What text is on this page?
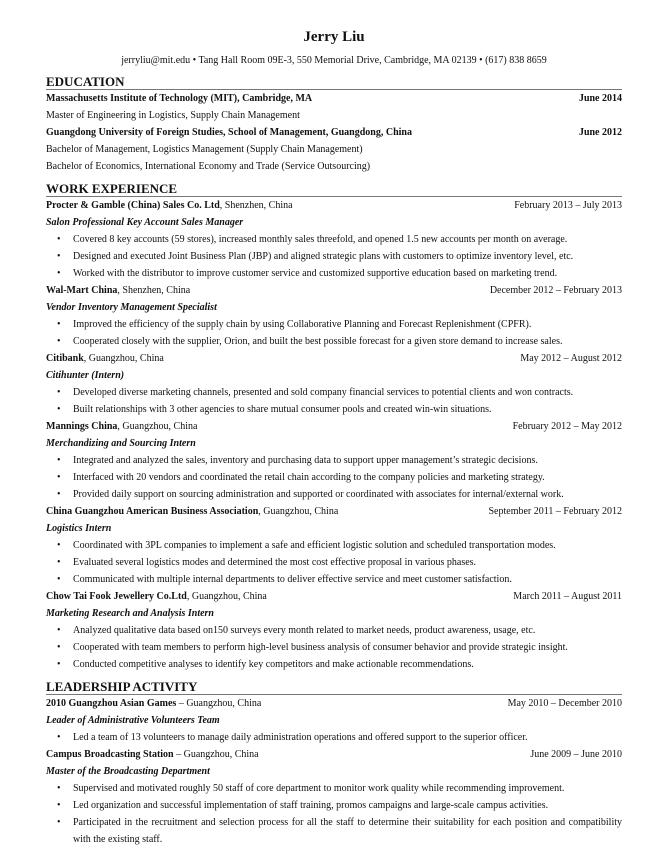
Jerry Liu
jerryliu@mit.edu • Tang Hall Room 09E-3, 550 Memorial Drive, Cambridge, MA 02139 • (617) 838 8659
EDUCATION
Massachusetts Institute of Technology (MIT), Cambridge, MA	June 2014
Master of Engineering in Logistics, Supply Chain Management
Guangdong University of Foreign Studies, School of Management, Guangdong, China	June 2012
Bachelor of Management, Logistics Management (Supply Chain Management)
Bachelor of Economics, International Economy and Trade (Service Outsourcing)
WORK EXPERIENCE
Procter & Gamble (China) Sales Co. Ltd, Shenzhen, China	February 2013 – July 2013
Salon Professional Key Account Sales Manager
• Covered 8 key accounts (59 stores), increased monthly sales threefold, and opened 1.5 new accounts per month on average.
• Designed and executed Joint Business Plan (JBP) and aligned strategic plans with customers to optimize inventory level, etc.
• Worked with the distributor to improve customer service and customized supportive education based on marketing trend.
Wal-Mart China, Shenzhen, China	December 2012 – February 2013
Vendor Inventory Management Specialist
• Improved the efficiency of the supply chain by using Collaborative Planning and Forecast Replenishment (CPFR).
• Cooperated closely with the supplier, Orion, and built the best possible forecast for a given store demand to increase sales.
Citibank, Guangzhou, China	May 2012 – August 2012
Citihunter (Intern)
• Developed diverse marketing channels, presented and sold company financial services to potential clients and won contracts.
• Built relationships with 3 other agencies to share mutual consumer pools and created win-win situations.
Mannings China, Guangzhou, China	February 2012 – May 2012
Merchandizing and Sourcing Intern
• Integrated and analyzed the sales, inventory and purchasing data to support upper management’s strategic decisions.
• Interfaced with 20 vendors and coordinated the retail chain according to the company policies and marketing strategy.
• Provided daily support on sourcing administration and supported or coordinated with associates for internal/external work.
China Guangzhou American Business Association, Guangzhou, China	September 2011 – February 2012
Logistics Intern
• Coordinated with 3PL companies to implement a safe and efficient logistic solution and scheduled transportation modes.
• Evaluated several logistics modes and determined the most cost effective proposal in various phases.
• Communicated with multiple internal departments to deliver effective service and meet customer satisfaction.
Chow Tai Fook Jewellery Co.Ltd, Guangzhou, China	March 2011 – August 2011
Marketing Research and Analysis Intern
• Analyzed qualitative data based on150 surveys every month related to market needs, product awareness, usage, etc.
• Cooperated with team members to perform high-level business analysis of consumer behavior and provide strategic insight.
• Conducted competitive analyses to identify key competitors and make actionable recommendations.
LEADERSHIP ACTIVITY
2010 Guangzhou Asian Games – Guangzhou, China	May 2010 – December 2010
Leader of Administrative Volunteers Team
• Led a team of 13 volunteers to manage daily administration operations and offered support to the superior officer.
Campus Broadcasting Station – Guangzhou, China	June 2009 – June 2010
Master of the Broadcasting Department
• Supervised and motivated roughly 50 staff of core department to monitor work quality while recommending improvement.
• Led organization and successful implementation of staff training, promos campaigns and large-scale campus activities.
• Participated in the recruitment and selection process for all the staff to determine their suitability for each position and compatibility with the existing staff.
